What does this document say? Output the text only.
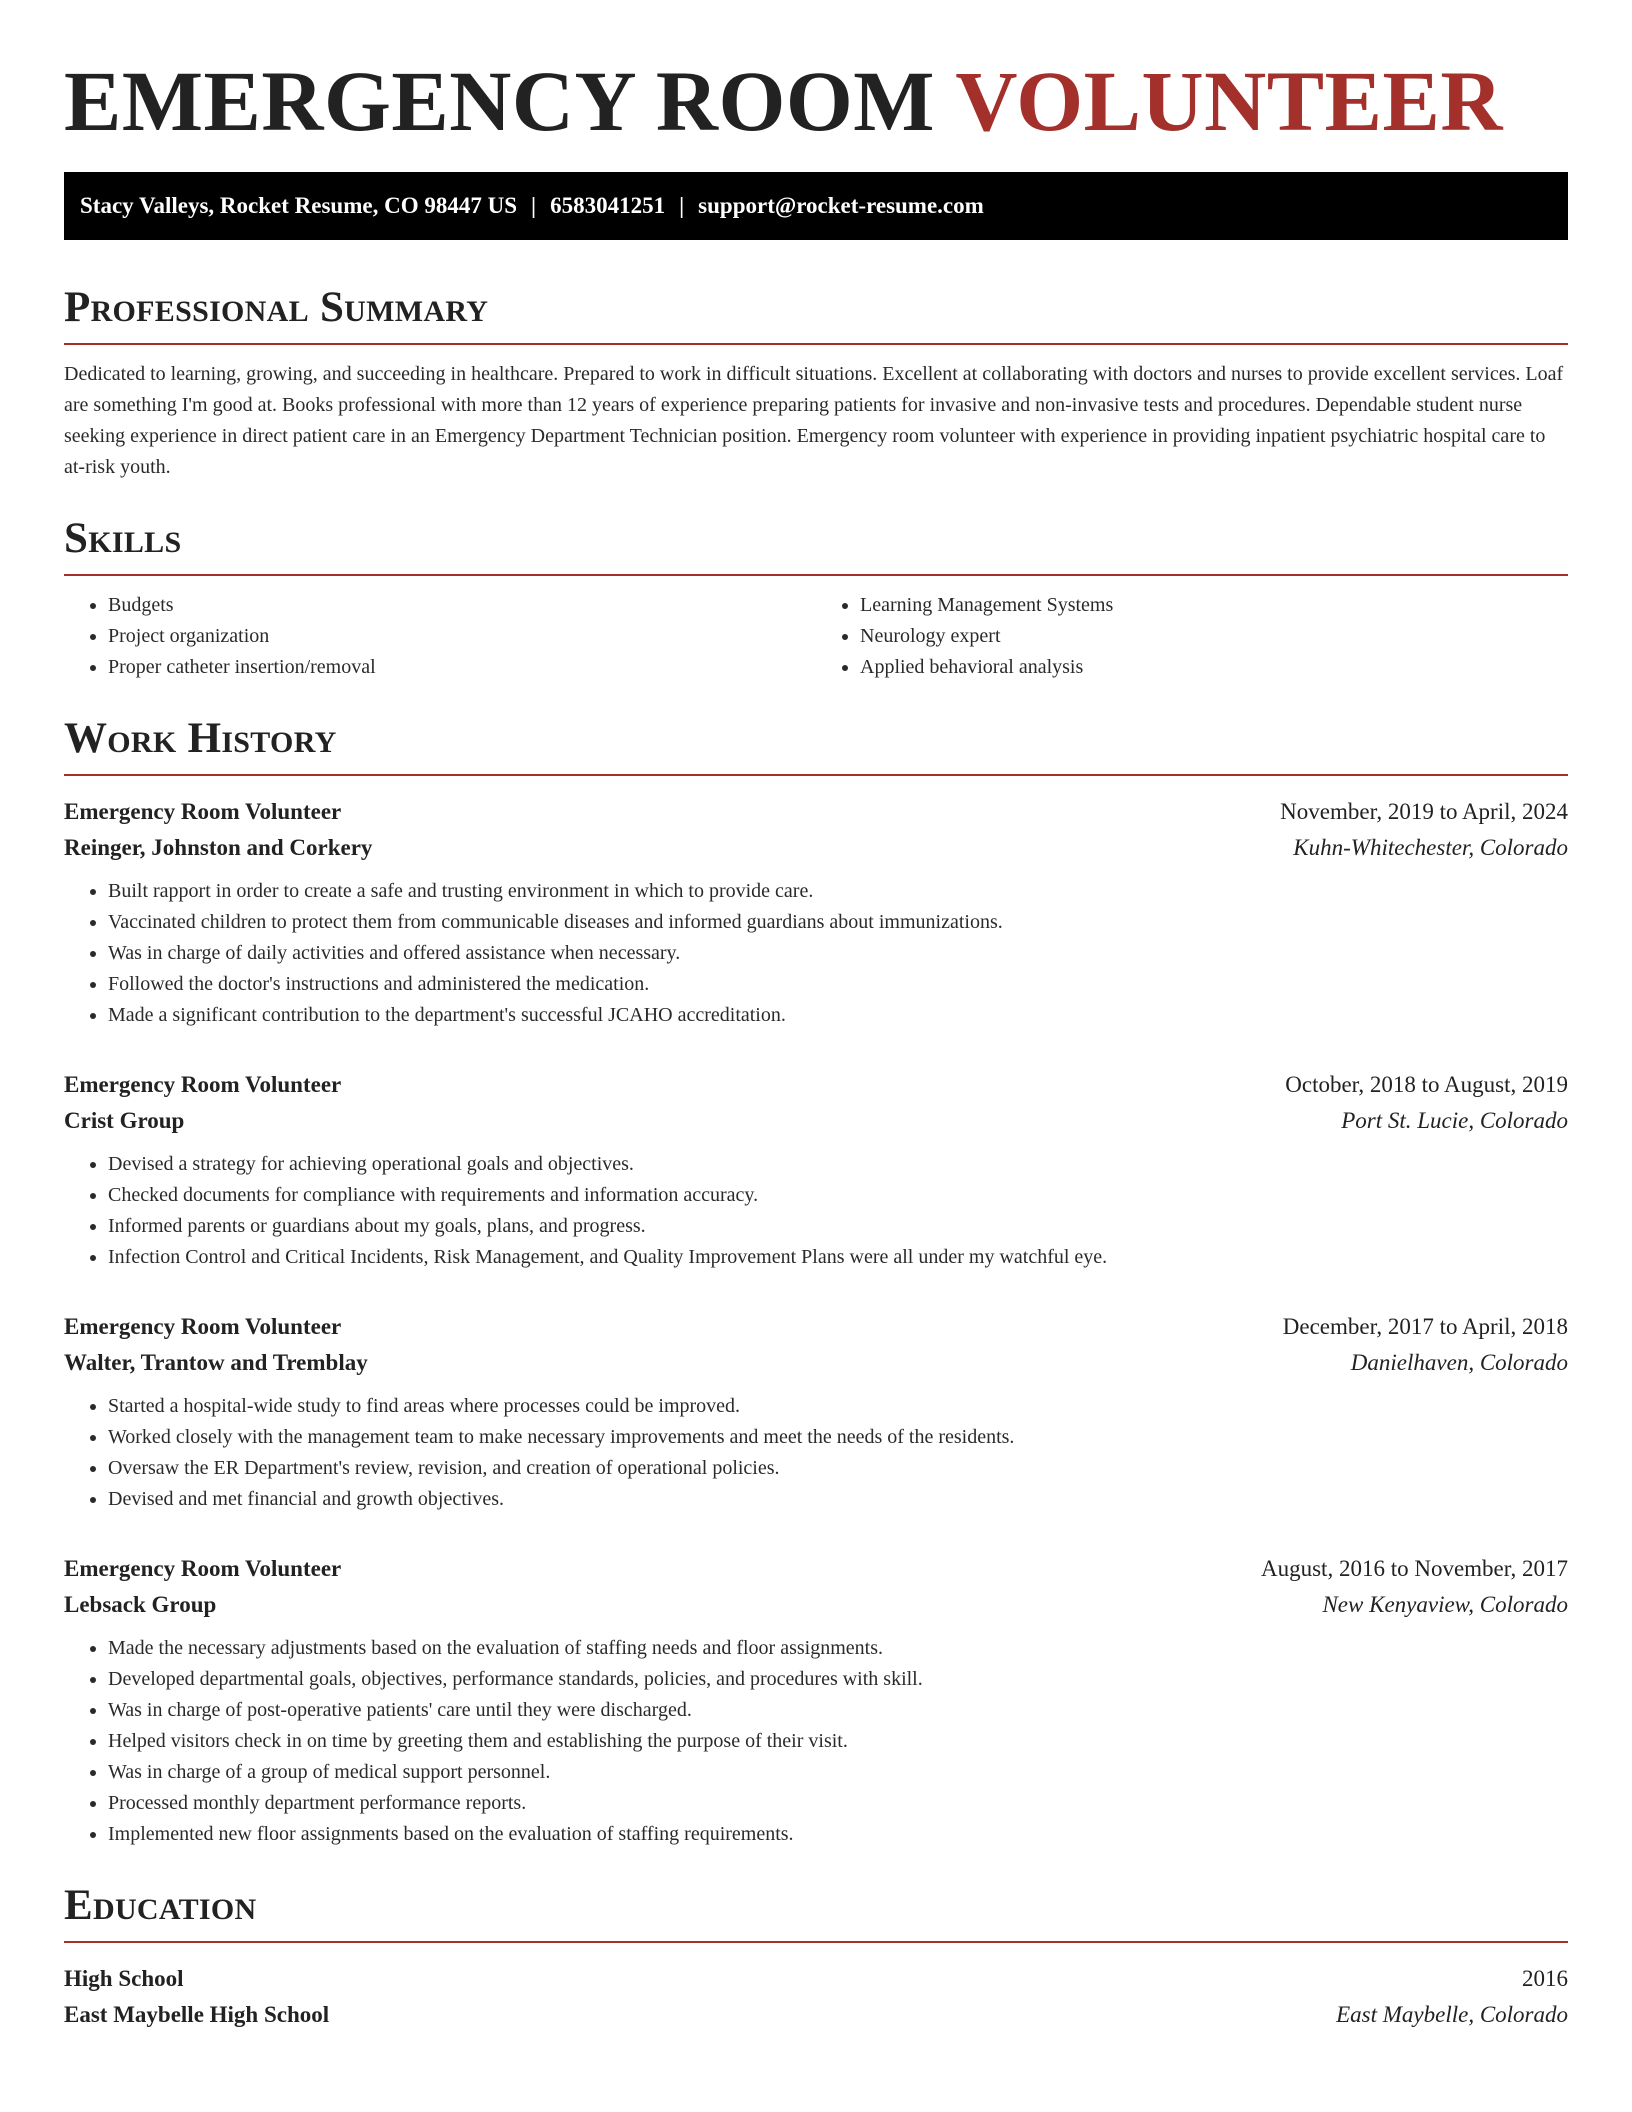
EMERGENCY ROOM VOLUNTEER
Stacy Valleys, Rocket Resume, CO 98447 US | 6583041251 | support@rocket-resume.com
Professional Summary

Dedicated to learning, growing, and succeeding in healthcare. Prepared to work in difficult situations. Excellent at collaborating with doctors and nurses to provide excellent services. Loaf are something I'm good at. Books professional with more than 12 years of experience preparing patients for invasive and non-invasive tests and procedures. Dependable student nurse seeking experience in direct patient care in an Emergency Department Technician position. Emergency room volunteer with experience in providing inpatient psychiatric hospital care to at-risk youth.

Skills
• Budgets
• Project organization
• Proper catheter insertion/removal
• Learning Management Systems
• Neurology expert
• Applied behavioral analysis
Work History
Emergency Room Volunteer	November, 2019 to April, 2024
Reinger, Johnston and Corkery	Kuhn-Whitechester, Colorado
• Built rapport in order to create a safe and trusting environment in which to provide care.
• Vaccinated children to protect them from communicable diseases and informed guardians about immunizations.
• Was in charge of daily activities and offered assistance when necessary.
• Followed the doctor's instructions and administered the medication.
• Made a significant contribution to the department's successful JCAHO accreditation.
Emergency Room Volunteer	October, 2018 to August, 2019
Crist Group	Port St. Lucie, Colorado
• Devised a strategy for achieving operational goals and objectives.
• Checked documents for compliance with requirements and information accuracy.
• Informed parents or guardians about my goals, plans, and progress.
• Infection Control and Critical Incidents, Risk Management, and Quality Improvement Plans were all under my watchful eye.
Emergency Room Volunteer	December, 2017 to April, 2018
Walter, Trantow and Tremblay	Danielhaven, Colorado
• Started a hospital-wide study to find areas where processes could be improved.
• Worked closely with the management team to make necessary improvements and meet the needs of the residents.
• Oversaw the ER Department's review, revision, and creation of operational policies.
• Devised and met financial and growth objectives.
Emergency Room Volunteer	August, 2016 to November, 2017
Lebsack Group	New Kenyaview, Colorado
• Made the necessary adjustments based on the evaluation of staffing needs and floor assignments.
• Developed departmental goals, objectives, performance standards, policies, and procedures with skill.
• Was in charge of post-operative patients' care until they were discharged.
• Helped visitors check in on time by greeting them and establishing the purpose of their visit.
• Was in charge of a group of medical support personnel.
• Processed monthly department performance reports.
• Implemented new floor assignments based on the evaluation of staffing requirements.
Education
High School	2016
East Maybelle High School	East Maybelle, Colorado
